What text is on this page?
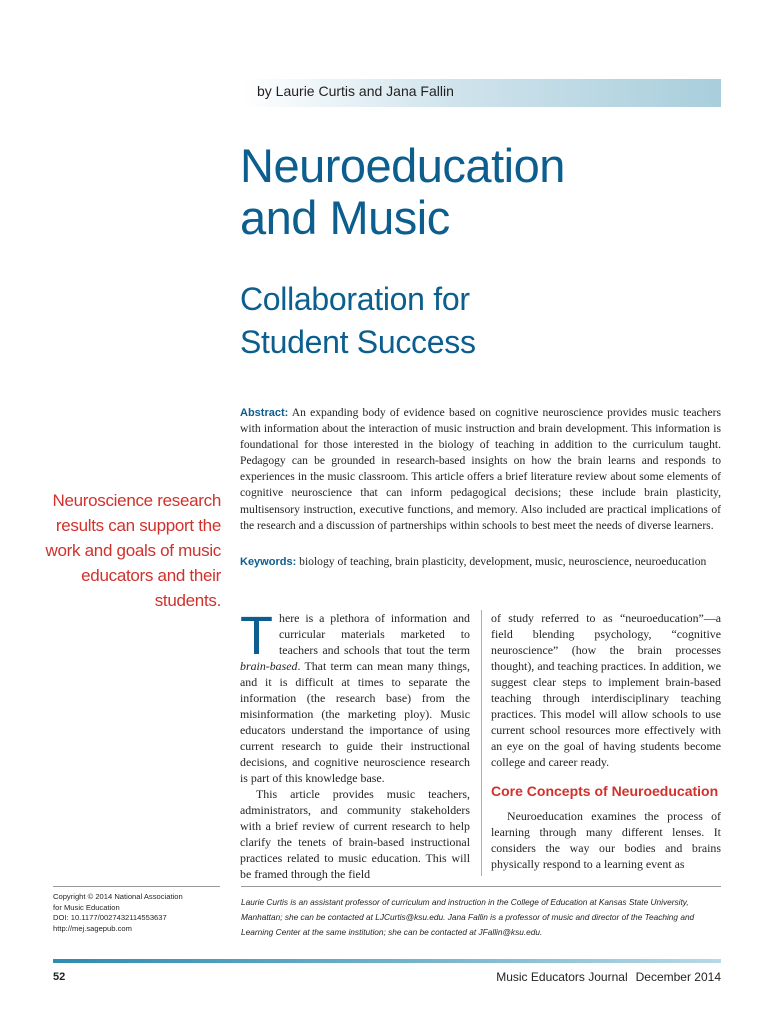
by Laurie Curtis and Jana Fallin
Neuroeducation
and Music
Collaboration for
Student Success

Abstract: An expanding body of evidence based on cognitive neuroscience provides music teachers with information about the interaction of music instruction and brain development. This information is foundational for those interested in the biology of teaching in addition to the curriculum taught. Pedagogy can be grounded in research-based insights on how the brain learns and responds to experiences in the music classroom. This article offers a brief literature review about some elements of cognitive neuroscience that can inform pedagogical decisions; these include brain plasticity, multisensory instruction, executive functions, and memory. Also included are practical implications of the research and a discussion of partnerships within schools to best meet the needs of diverse learners.

Keywords: biology of teaching, brain plasticity, development, music, neuroscience, neuroeducation

Neuroscience research results can support the work and goals of music educators and their students.

There is a plethora of information and curricular materials marketed to teachers and schools that tout the term brain-based. That term can mean many things, and it is difficult at times to separate the information (the research base) from the misinformation (the marketing ploy). Music educators understand the importance of using current research to guide their instructional decisions, and cognitive neuroscience research is part of this knowledge base.

This article provides music teachers, administrators, and community stakeholders with a brief review of current research to help clarify the tenets of brain-based instructional practices related to music education. This will be framed through the field

of study referred to as “neuroeducation”—a field blending psychology, “cognitive neuroscience” (how the brain processes thought), and teaching practices. In addition, we suggest clear steps to implement brain-based teaching through interdisciplinary teaching practices. This model will allow schools to use current school resources more effectively with an eye on the goal of having students become college and career ready.

Core Concepts of Neuroeducation

Neuroeducation examines the process of learning through many different lenses. It considers the way our bodies and brains physically respond to a learning event as

Copyright © 2014 National Association
for Music Education
DOI: 10.1177/0027432114553637
http://mej.sagepub.com

Laurie Curtis is an assistant professor of curriculum and instruction in the College of Education at Kansas State University, Manhattan; she can be contacted at LJCurtis@ksu.edu. Jana Fallin is a professor of music and director of the Teaching and Learning Center at the same institution; she can be contacted at JFallin@ksu.edu.

52	Music Educators Journal December 2014
